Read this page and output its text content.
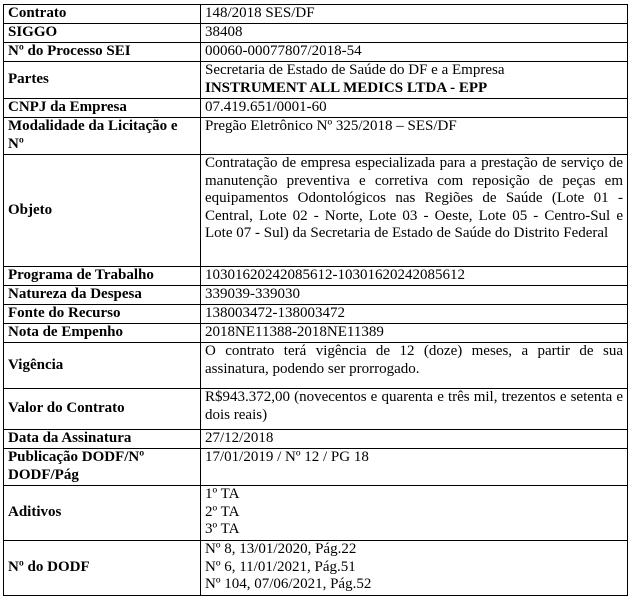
Contrato	148/2018 SES/DF
SIGGO	38408
Nº do Processo SEI	00060-00077807/2018-54
Partes	Secretaria de Estado de Saúde do DF e a Empresa
INSTRUMENT ALL MEDICS LTDA - EPP

CNPJ da Empresa	07.419.651/0001-60
Modalidade da Licitação e Nº	Pregão Eletrônico Nº 325/2018 – SES/DF
Objeto	Contratação de empresa especializada para a prestação de serviço de manutenção preventiva e corretiva com reposição de peças em equipamentos Odontológicos nas Regiões de Saúde (Lote 01 - Central, Lote 02 - Norte, Lote 03 - Oeste, Lote 05 - Centro-Sul e Lote 07 - Sul) da Secretaria de Estado de Saúde do Distrito Federal
Programa de Trabalho	10301620242085612-10301620242085612
Natureza da Despesa	339039-339030
Fonte do Recurso	138003472-138003472
Nota de Empenho	2018NE11388-2018NE11389
Vigência	O contrato terá vigência de 12 (doze) meses, a partir de sua assinatura, podendo ser prorrogado.
Valor do Contrato	R$943.372,00 (novecentos e quarenta e três mil, trezentos e setenta e dois reais)
Data da Assinatura	27/12/2018
Publicação DODF/Nº DODF/Pág	17/01/2019 / Nº 12 / PG 18
Aditivos	1º TA
2º TA
3º TA

Nº do DODF	Nº 8, 13/01/2020, Pág.22
Nº 6, 11/01/2021, Pág.51
Nº 104, 07/06/2021, Pág.52
